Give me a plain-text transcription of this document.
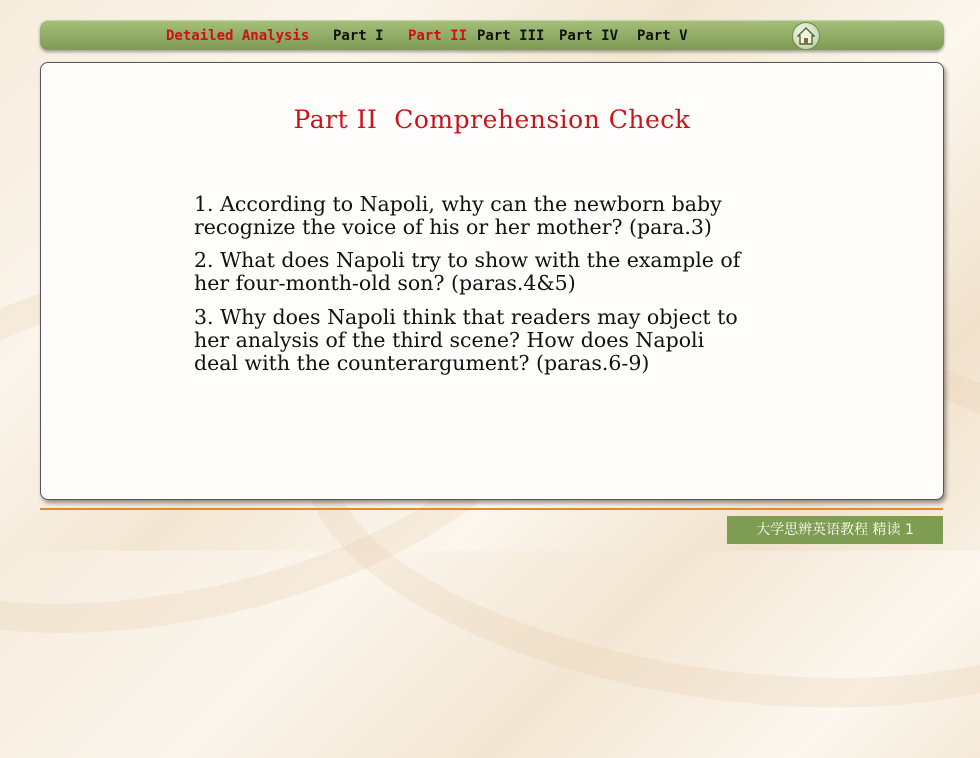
Detailed Analysis Part I Part II Part III Part IV Part V
Part II  Comprehension Check
1. According to Napoli, why can the newborn baby
recognize the voice of his or her mother? (para.3)
2. What does Napoli try to show with the example of
her four-month-old son? (paras.4&5)
3. Why does Napoli think that readers may object to
her analysis of the third scene? How does Napoli
deal with the counterargument? (paras.6-9)
大学思辨英语教程 精读 1
